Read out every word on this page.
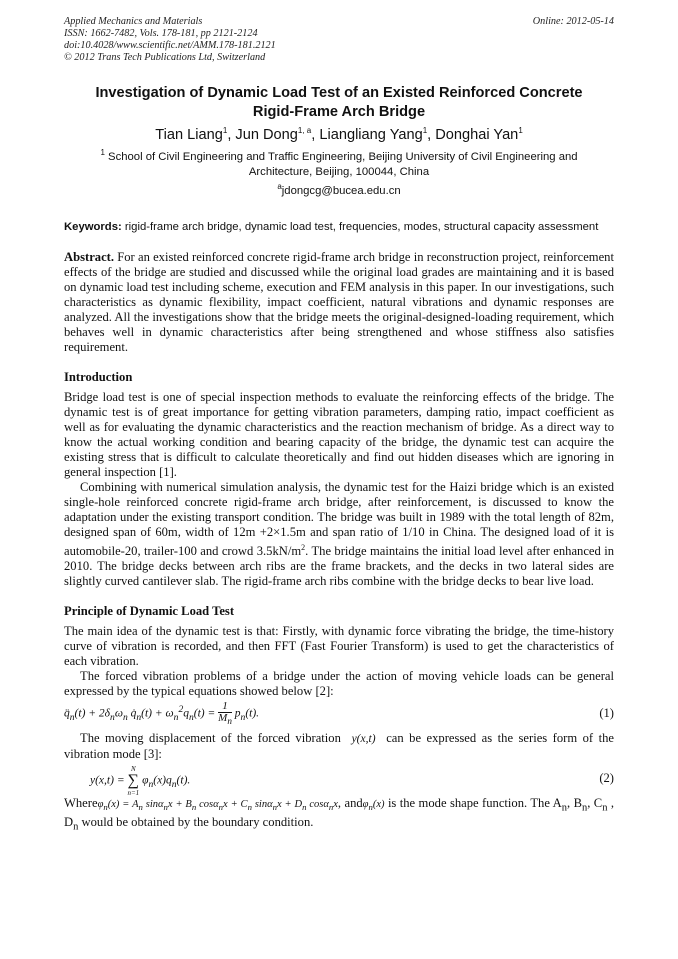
Applied Mechanics and Materials	Online: 2012-05-14
ISSN: 1662-7482, Vols. 178-181, pp 2121-2124
doi:10.4028/www.scientific.net/AMM.178-181.2121
© 2012 Trans Tech Publications Ltd, Switzerland
Investigation of Dynamic Load Test of an Existed Reinforced Concrete
Rigid-Frame Arch Bridge
Tian Liang$^1$, Jun Dong$^{1, a}$, Liangliang Yang$^1$, Donghai Yan$^1$
$^1$ School of Civil Engineering and Traffic Engineering, Beijing University of Civil Engineering and
Architecture, Beijing, 100044, China
$^a$jdongcg@bucea.edu.cn
Keywords: rigid-frame arch bridge, dynamic load test, frequencies, modes, structural capacity assessment
Abstract. For an existed reinforced concrete rigid-frame arch bridge in reconstruction project, reinforcement effects of the bridge are studied and discussed while the original load grades are maintaining and it is based on dynamic load test including scheme, execution and FEM analysis in this paper. In our investigations, such characteristics as dynamic flexibility, impact coefficient, natural vibrations and dynamic responses are analyzed. All the investigations show that the bridge meets the original-designed-loading requirement, which behaves well in dynamic characteristics after being strengthened and whose stiffness also satisfies requirement.
Introduction
Bridge load test is one of special inspection methods to evaluate the reinforcing effects of the bridge. The dynamic test is of great importance for getting vibration parameters, damping ratio, impact coefficient as well as for evaluating the dynamic characteristics and the reaction mechanism of bridge. As a direct way to know the actual working condition and bearing capacity of the bridge, the dynamic test can acquire the existing stress that is difficult to calculate theoretically and find out hidden diseases which are ignoring in general inspection [1].
Combining with numerical simulation analysis, the dynamic test for the Haizi bridge which is an existed single-hole reinforced concrete rigid-frame arch bridge, after reinforcement, is discussed to know the adaptation under the existing transport condition. The bridge was built in 1989 with the total length of 82m, designed span of 60m, width of 12m +2×1.5m and span ratio of 1/10 in China. The designed load of it is automobile-20, trailer-100 and crowd $3.5kN/m^2$. The bridge maintains the initial load level after enhanced in 2010. The bridge decks between arch ribs are the frame brackets, and the decks in two lateral sides are slightly curved cantilever slab. The rigid-frame arch ribs combine with the bridge decks to bear live load.
Principle of Dynamic Load Test
The main idea of the dynamic test is that: Firstly, with dynamic force vibrating the bridge, the time-history curve of vibration is recorded, and then FFT (Fast Fourier Transform) is used to get the characteristics of each vibration.
The forced vibration problems of a bridge under the action of moving vehicle loads can be general expressed by the typical equations showed below [2]:
$q̈_n(t) + 2\delta_n\omega_n$ $q̇_n(t) + \omega_n^2q_n(t) = \frac{1}{M_n} p_n(t)$.	(1)
The moving displacement of the forced vibration  y(x,t)  can be expressed as the series form of the vibration mode [3]:
y(x,t) =
N
∑
n=1
$\varphi_n(x)q_n(t)$.	(2)
Whereφ$_n$(x) = $A_n$ $\sin\alpha_nx + B_n$ $\cos\alpha_nx + C_n$ $\sin\alpha_nx + D_n$ cosα$_n$x, andφ$_n$(x) is the mode shape function. The $A_n$, $B_n$, $C_n$ , $D_n$ would be obtained by the boundary condition.
